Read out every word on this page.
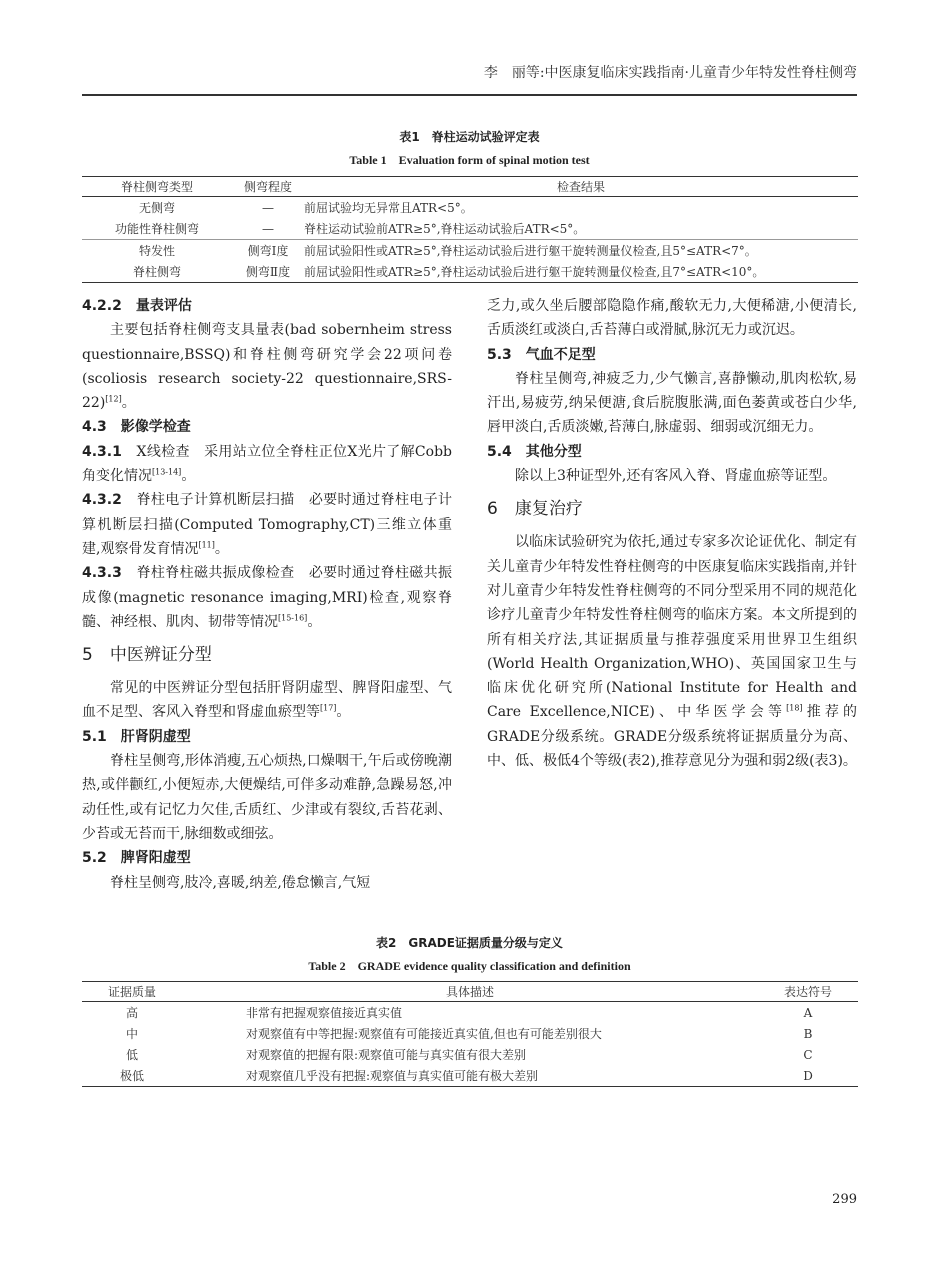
李　丽等:中医康复临床实践指南·儿童青少年特发性脊柱侧弯
表1　脊柱运动试验评定表
Table 1　Evaluation form of spinal motion test
脊柱侧弯类型	侧弯程度	检查结果
无侧弯	—	前屈试验均无异常且ATR<5°。
功能性脊柱侧弯	—	脊柱运动试验前ATR≥5°,脊柱运动试验后ATR<5°。
特发性	侧弯Ⅰ度	前屈试验阳性或ATR≥5°,脊柱运动试验后进行躯干旋转测量仪检查,且5°≤ATR<7°。
脊柱侧弯	侧弯Ⅱ度	前屈试验阳性或ATR≥5°,脊柱运动试验后进行躯干旋转测量仪检查,且7°≤ATR<10°。

4.2.2　量表评估

主要包括脊柱侧弯支具量表(bad sobernheim stress questionnaire,BSSQ)和脊柱侧弯研究学会22项问卷(scoliosis research society-22 questionnaire,SRS-22)[12]。

4.3　影像学检查

4.3.1　X线检查　采用站立位全脊柱正位X光片了解Cobb角变化情况[13-14]。

4.3.2　脊柱电子计算机断层扫描　必要时通过脊柱电子计算机断层扫描(Computed Tomography,CT)三维立体重建,观察骨发育情况[11]。

4.3.3　脊柱脊柱磁共振成像检查　必要时通过脊柱磁共振成像(magnetic resonance imaging,MRI)检查,观察脊髓、神经根、肌肉、韧带等情况[15-16]。

5　中医辨证分型

常见的中医辨证分型包括肝肾阴虚型、脾肾阳虚型、气血不足型、客风入脊型和肾虚血瘀型等[17]。

5.1　肝肾阴虚型

脊柱呈侧弯,形体消瘦,五心烦热,口燥咽干,午后或傍晚潮热,或伴颧红,小便短赤,大便燥结,可伴多动难静,急躁易怒,冲动任性,或有记忆力欠佳,舌质红、少津或有裂纹,舌苔花剥、少苔或无苔而干,脉细数或细弦。

5.2　脾肾阳虚型

脊柱呈侧弯,肢冷,喜暖,纳差,倦怠懒言,气短

乏力,或久坐后腰部隐隐作痛,酸软无力,大便稀溏,小便清长,舌质淡红或淡白,舌苔薄白或滑腻,脉沉无力或沉迟。

5.3　气血不足型

脊柱呈侧弯,神疲乏力,少气懒言,喜静懒动,肌肉松软,易汗出,易疲劳,纳呆便溏,食后脘腹胀满,面色萎黄或苍白少华,唇甲淡白,舌质淡嫩,苔薄白,脉虚弱、细弱或沉细无力。

5.4　其他分型

除以上3种证型外,还有客风入脊、肾虚血瘀等证型。

6　康复治疗

以临床试验研究为依托,通过专家多次论证优化、制定有关儿童青少年特发性脊柱侧弯的中医康复临床实践指南,并针对儿童青少年特发性脊柱侧弯的不同分型采用不同的规范化诊疗儿童青少年特发性脊柱侧弯的临床方案。本文所提到的所有相关疗法,其证据质量与推荐强度采用世界卫生组织(World Health Organization,WHO)、英国国家卫生与临床优化研究所(National Institute for Health and Care Excellence,NICE)、中华医学会等[18]推荐的GRADE分级系统。GRADE分级系统将证据质量分为高、中、低、极低4个等级(表2),推荐意见分为强和弱2级(表3)。

表2　GRADE证据质量分级与定义
Table 2　GRADE evidence quality classification and definition
证据质量	具体描述	表达符号
高	非常有把握观察值接近真实值	A
中	对观察值有中等把握:观察值有可能接近真实值,但也有可能差别很大	B
低	对观察值的把握有限:观察值可能与真实值有很大差别	C
极低	对观察值几乎没有把握:观察值与真实值可能有极大差别	D
299
